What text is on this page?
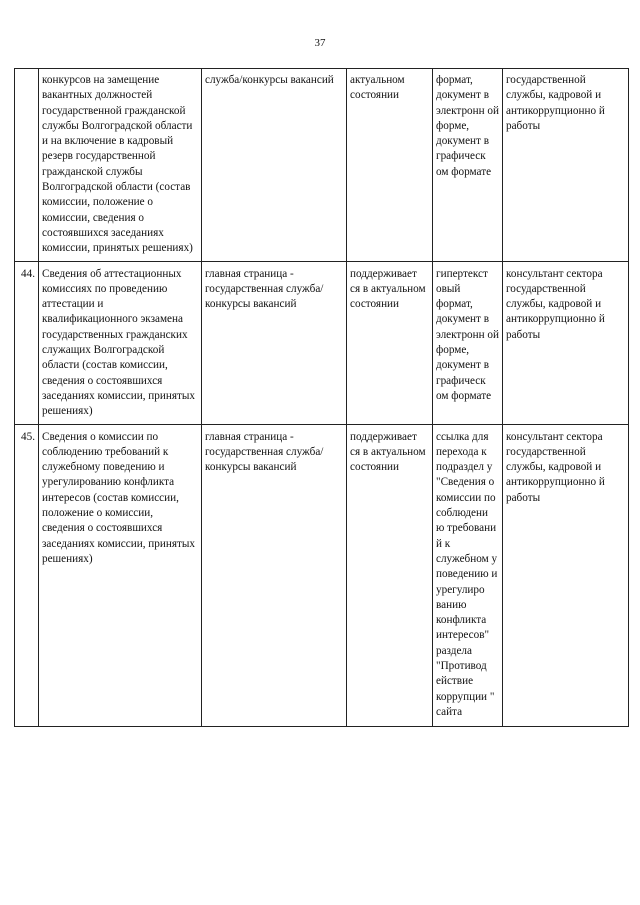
37
	конкурсов на замещение вакантных должностей государственной гражданской службы Волгоградской области и на включение в кадровый резерв государственной гражданской службы Волгоградской области (состав комиссии, положение о комиссии, сведения о состоявшихся заседаниях комиссии, принятых решениях)	служба/конкурсы вакансий	актуальном состоянии	формат, документ в электронн ой форме, документ в графическ ом формате	государственной службы, кадровой и антикоррупционно й работы
44.	Сведения об аттестационных комиссиях по проведению аттестации и квалификационного экзамена государственных гражданских служащих Волгоградской области (состав комиссии, сведения о состоявшихся заседаниях комиссии, принятых решениях)	главная страница - государственная служба/конкурсы вакансий	поддерживает ся в актуальном состоянии	гипертекст овый формат, документ в электронн ой форме, документ в графическ ом формате	консультант сектора государственной службы, кадровой и антикоррупционно й работы
45.	Сведения о комиссии по соблюдению требований к служебному поведению и урегулированию конфликта интересов (состав комиссии, положение о комиссии, сведения о состоявшихся заседаниях комиссии, принятых решениях)	главная страница - государственная служба/конкурсы вакансий	поддерживает ся в актуальном состоянии	ссылка для перехода к подраздел у "Сведения о комиссии по соблюдени ю требовани й к служебном у поведению и урегулиро ванию конфликта интересов" раздела "Противод ействие коррупции " сайта	консультант сектора государственной службы, кадровой и антикоррупционно й работы
